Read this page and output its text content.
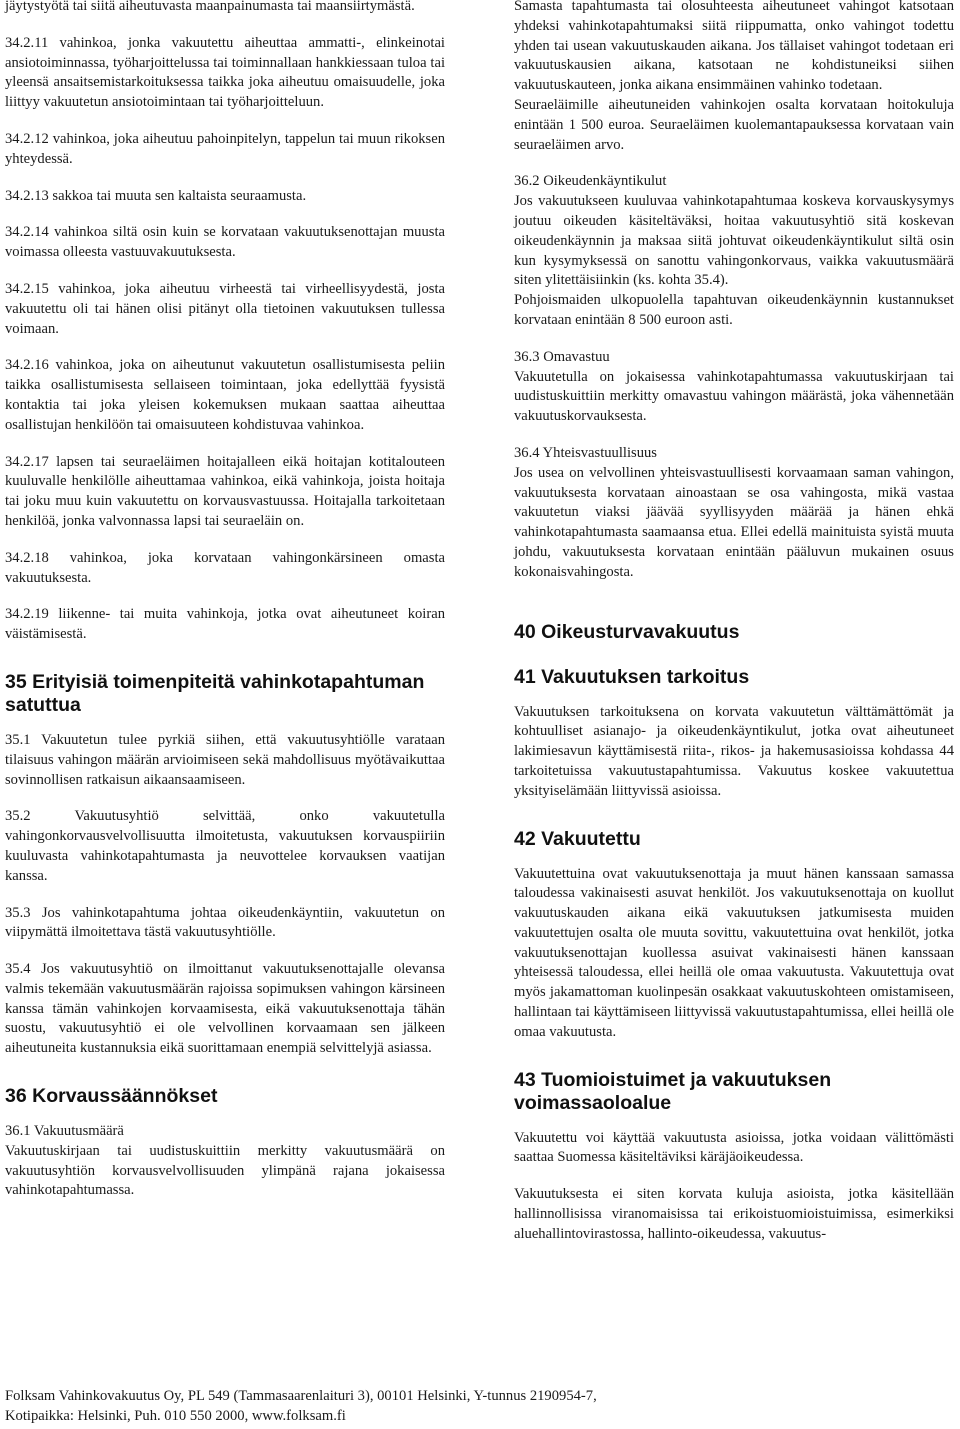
jäytystyötä tai siitä aiheutuvasta maanpainumasta tai maansiirtymästä.

34.2.11 vahinkoa, jonka vakuutettu aiheuttaa ammatti-, elinkeinotai ansiotoiminnassa, työharjoittelussa tai toiminnallaan hankkiessaan tuloa tai yleensä ansaitsemistarkoituksessa taikka joka aiheutuu omaisuudelle, joka liittyy vakuutetun ansiotoimintaan tai työharjoitteluun.

34.2.12 vahinkoa, joka aiheutuu pahoinpitelyn, tappelun tai muun rikoksen yhteydessä.

34.2.13 sakkoa tai muuta sen kaltaista seuraamusta.

34.2.14 vahinkoa siltä osin kuin se korvataan vakuutuksenottajan muusta voimassa olleesta vastuuvakuutuksesta.

34.2.15 vahinkoa, joka aiheutuu virheestä tai virheellisyydestä, josta vakuutettu oli tai hänen olisi pitänyt olla tietoinen vakuutuksen tullessa voimaan.

34.2.16 vahinkoa, joka on aiheutunut vakuutetun osallistumisesta peliin taikka osallistumisesta sellaiseen toimintaan, joka edellyttää fyysistä kontaktia tai joka yleisen kokemuksen mukaan saattaa aiheuttaa osallistujan henkilöön tai omaisuuteen kohdistuvaa vahinkoa.

34.2.17 lapsen tai seuraeläimen hoitajalleen eikä hoitajan kotitalouteen kuuluvalle henkilölle aiheuttamaa vahinkoa, eikä vahinkoja, joista hoitaja tai joku muu kuin vakuutettu on korvausvastuussa. Hoitajalla tarkoitetaan henkilöä, jonka valvonnassa lapsi tai seuraeläin on.

34.2.18 vahinkoa, joka korvataan vahingonkärsineen omasta vakuutuksesta.

34.2.19 liikenne- tai muita vahinkoja, jotka ovat aiheutuneet koiran väistämisestä.

35 Erityisiä toimenpiteitä vahinkotapahtuman satuttua

35.1 Vakuutetun tulee pyrkiä siihen, että vakuutusyhtiölle varataan tilaisuus vahingon määrän arvioimiseen sekä mahdollisuus myötävaikuttaa sovinnollisen ratkaisun aikaansaamiseen.

35.2 Vakuutusyhtiö selvittää, onko vakuutetulla vahingonkorvausvelvollisuutta ilmoitetusta, vakuutuksen korvauspiiriin kuuluvasta vahinkotapahtumasta ja neuvottelee korvauksen vaatijan kanssa.

35.3 Jos vahinkotapahtuma johtaa oikeudenkäyntiin, vakuutetun on viipymättä ilmoitettava tästä vakuutusyhtiölle.

35.4 Jos vakuutusyhtiö on ilmoittanut vakuutuksenottajalle olevansa valmis tekemään vakuutusmäärän rajoissa sopimuksen vahingon kärsineen kanssa tämän vahinkojen korvaamisesta, eikä vakuutuksenottaja tähän suostu, vakuutusyhtiö ei ole velvollinen korvaamaan sen jälkeen aiheutuneita kustannuksia eikä suorittamaan enempiä selvittelyjä asiassa.

36 Korvaussäännökset

36.1 Vakuutusmäärä

Vakuutuskirjaan tai uudistuskuittiin merkitty vakuutusmäärä on vakuutusyhtiön korvausvelvollisuuden ylimpänä rajana jokaisessa vahinkotapahtumassa.

Samasta tapahtumasta tai olosuhteesta aiheutuneet vahingot katsotaan yhdeksi vahinkotapahtumaksi siitä riippumatta, onko vahingot todettu yhden tai usean vakuutuskauden aikana. Jos tällaiset vahingot todetaan eri vakuutuskausien aikana, katsotaan ne kohdistuneiksi siihen vakuutuskauteen, jonka aikana ensimmäinen vahinko todetaan.

Seuraeläimille aiheutuneiden vahinkojen osalta korvataan hoitokuluja enintään 1 500 euroa. Seuraeläimen kuolemantapauksessa korvataan vain seuraeläimen arvo.

36.2 Oikeudenkäyntikulut

Jos vakuutukseen kuuluvaa vahinkotapahtumaa koskeva korvauskysymys joutuu oikeuden käsiteltäväksi, hoitaa vakuutusyhtiö sitä koskevan oikeudenkäynnin ja maksaa siitä johtuvat oikeudenkäyntikulut siltä osin kun kysymyksessä on sanottu vahingonkorvaus, vaikka vakuutusmäärä siten ylitettäisiinkin (ks. kohta 35.4).

Pohjoismaiden ulkopuolella tapahtuvan oikeudenkäynnin kustannukset korvataan enintään 8 500 euroon asti.

36.3 Omavastuu

Vakuutetulla on jokaisessa vahinkotapahtumassa vakuutuskirjaan tai uudistuskuittiin merkitty omavastuu vahingon määrästä, joka vähennetään vakuutuskorvauksesta.

36.4 Yhteisvastuullisuus

Jos usea on velvollinen yhteisvastuullisesti korvaamaan saman vahingon, vakuutuksesta korvataan ainoastaan se osa vahingosta, mikä vastaa vakuutetun viaksi jäävää syyllisyyden määrää ja hänen ehkä vahinkotapahtumasta saamaansa etua. Ellei edellä mainituista syistä muuta johdu, vakuutuksesta korvataan enintään pääluvun mukainen osuus kokonaisvahingosta.

40 Oikeusturvavakuutus
41 Vakuutuksen tarkoitus

Vakuutuksen tarkoituksena on korvata vakuutetun välttämättömät ja kohtuulliset asianajo- ja oikeudenkäyntikulut, jotka ovat aiheutuneet lakimiesavun käyttämisestä riita-, rikos- ja hakemusasioissa kohdassa 44 tarkoitetuissa vakuutustapahtumissa. Vakuutus koskee vakuutettua yksityiselämään liittyvissä asioissa.

42 Vakuutettu

Vakuutettuina ovat vakuutuksenottaja ja muut hänen kanssaan samassa taloudessa vakinaisesti asuvat henkilöt. Jos vakuutuksenottaja on kuollut vakuutuskauden aikana eikä vakuutuksen jatkumisesta muiden vakuutettujen osalta ole muuta sovittu, vakuutettuina ovat henkilöt, jotka vakuutuksenottajan kuollessa asuivat vakinaisesti hänen kanssaan yhteisessä taloudessa, ellei heillä ole omaa vakuutusta. Vakuutettuja ovat myös jakamattoman kuolinpesän osakkaat vakuutuskohteen omistamiseen, hallintaan tai käyttämiseen liittyvissä vakuutustapahtumissa, ellei heillä ole omaa vakuutusta.

43 Tuomioistuimet ja vakuutuksen voimassaoloalue

Vakuutettu voi käyttää vakuutusta asioissa, jotka voidaan välittömästi saattaa Suomessa käsiteltäviksi käräjäoikeudessa.

Vakuutuksesta ei siten korvata kuluja asioista, jotka käsitellään hallinnollisissa viranomaisissa tai erikoistuomioistuimissa, esimerkiksi aluehallintovirastossa, hallinto-oikeudessa, vakuutus-

Folksam Vahinkovakuutus Oy, PL 549 (Tammasaarenlaituri 3), 00101 Helsinki, Y-tunnus 2190954-7,
Kotipaikka: Helsinki, Puh. 010 550 2000, www.folksam.fi
